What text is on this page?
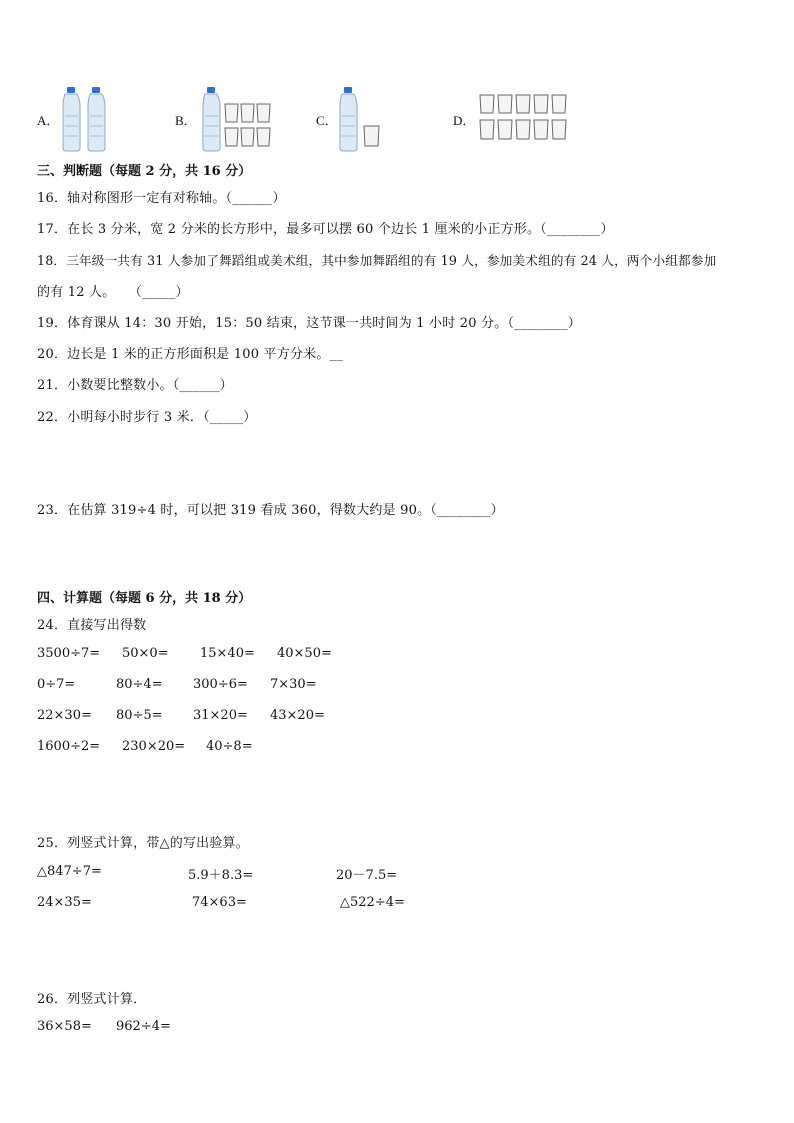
A．	B．	C．	D．
三、判断题（每题 2 分，共 16 分）
16．轴对称图形一定有对称轴。（______）
17．在长 3 分米，宽 2 分米的长方形中，最多可以摆 60 个边长 1 厘米的小正方形。（________）
18．三年级一共有 31 人参加了舞蹈组或美术组，其中参加舞蹈组的有 19 人，参加美术组的有 24 人，两个小组都参加
的有 12 人。　　（_____）
19．体育课从 14：30 开始，15：50 结束，这节课一共时间为 1 小时 20 分。（________）
20．边长是 1 米的正方形面积是 100 平方分米。__
21．小数要比整数小。（______）
22．小明每小时步行 3 米．（_____）
23．在估算 319÷4 时，可以把 319 看成 360，得数大约是 90。（________）
四、计算题（每题 6 分，共 18 分）
24．直接写出得数
3500÷7= 50×0= 15×40= 40×50=
0÷7=	80÷4= 300÷6= 7×30=
22×30= 80÷5= 31×20= 43×20=
1600÷2= 230×20= 40÷8=
25．列竖式计算，带△的写出验算。
△847÷7=	5.9＋8.3=	20－7.5=
24×35=	74×63=	△522÷4=
26．列竖式计算．
36×58= 962÷4=
